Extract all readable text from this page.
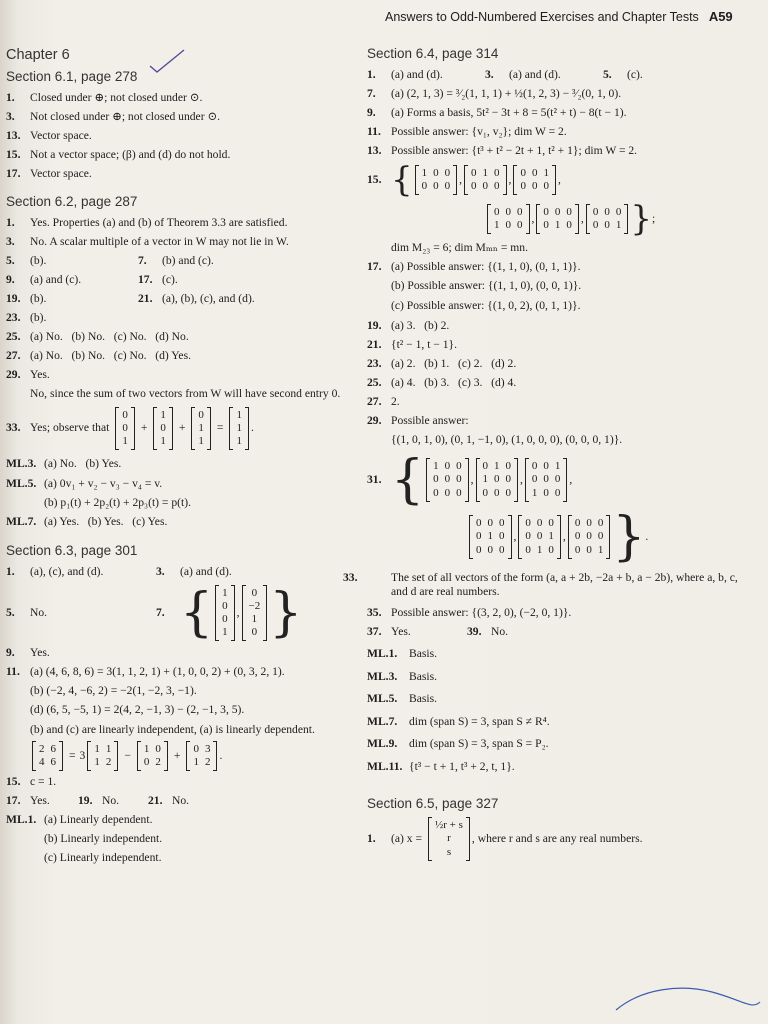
Answers to Odd-Numbered Exercises and Chapter Tests A59
Chapter 6
Section 6.1, page 278
1. Closed under ⊕; not closed under ⊙.
3. Not closed under ⊕; not closed under ⊙.
13. Vector space.
15. Not a vector space; (β) and (d) do not hold.
17. Vector space.
Section 6.2, page 287
1. Yes. Properties (a) and (b) of Theorem 3.3 are satisfied.
3. No. A scalar multiple of a vector in W may not lie in W.
5. (b).	7. (b) and (c).
9. (a) and (c).	17. (c).
19. (b).	21. (a), (b), (c), and (d).
23. (b).
25. (a) No.   (b) No.   (c) No.   (d) No.
27. (a) No.   (b) No.   (c) No.   (d) Yes.
29. Yes.
No, since the sum of two vectors from W will have second entry 0.
33. Yes; observe that
0
0
1
+
1
0
1
+
0
1
1
=
1
1
1
.
ML.3. (a) No.   (b) Yes.
ML.5. (a) 0v₁ + v₂ − v₃ − v₄ = v.
(b) p₁(t) + 2p₂(t) + 2p₃(t) = p(t).
ML.7. (a) Yes.   (b) Yes.   (c) Yes.
Section 6.3, page 301
1. (a), (c), and (d).	3. (a) and (d).
5. No.	7. { 1
0
0
1
,
0
−2
1
0 }
9. Yes.
11. (a) (4, 6, 8, 6) = 3(1, 1, 2, 1) + (1, 0, 0, 2) + (0, 3, 2, 1).
(b) (−2, 4, −6, 2) = −2(1, −2, 3, −1).
(d) (6, 5, −5, 1) = 2(4, 2, −1, 3) − (2, −1, 3, 5).
(b) and (c) are linearly independent, (a) is linearly dependent.
2	6
4	6
= 3 1	1
1	2
− 1	0
0	2
+ 0	3
1	2
.
15. c = 1.
17. Yes.	19. No.	21. No.
ML.1. (a) Linearly dependent.
(b) Linearly independent.
(c) Linearly independent.
Section 6.4, page 314
1. (a) and (d).	3. (a) and (d).	5. (c).
7. (a) (2, 1, 3) = ³⁄₂(1, 1, 1) + ½(1, 2, 3) − ³⁄₂(0, 1, 0).
9. (a) Forms a basis, 5t² − 3t + 8 = 5(t² + t) − 8(t − 1).
11. Possible answer: {v₁, v₂}; dim W = 2.
13. Possible answer: {t³ + t² − 2t + 1, t² + 1}; dim W = 2.
15. { 1	0	0
0	0	0
, 0	1	0
0	0	0
, 0	0	1
0	0	0
,
0	0	0
1	0	0
, 0	0	0
0	1	0
, 0	0	0
0	0	1 } ;
dim M₂₃ = 6; dim Mₘₙ = mn.
17. (a) Possible answer: {(1, 1, 0), (0, 1, 1)}.
(b) Possible answer: {(1, 1, 0), (0, 0, 1)}.
(c) Possible answer: {(1, 0, 2), (0, 1, 1)}.
19. (a) 3.   (b) 2.
21. {t² − 1, t − 1}.
23. (a) 2.   (b) 1.   (c) 2.   (d) 2.
25. (a) 4.   (b) 3.   (c) 3.   (d) 4.
27. 2.
29. Possible answer:
{(1, 0, 1, 0), (0, 1, −1, 0), (1, 0, 0, 0), (0, 0, 0, 1)}.
31. { 1	0	0
0	0	0
0	0	0
,
0	1	0
1	0	0
0	0	0
,
0	0	1
0	0	0
1	0	0
,
0	0	0
0	1	0
0	0	0
,
0	0	0
0	0	1
0	1	0
,
0	0	0
0	0	0
0	0	1 } .
33.	The set of all vectors of the form (a, a + 2b, −2a + b, a − 2b), where a, b, c, and d are real numbers.
35. Possible answer: {(3, 2, 0), (−2, 0, 1)}.
37. Yes.	39. No.
ML.1. Basis.
ML.3. Basis.
ML.5. Basis.
ML.7. dim (span S) = 3, span S ≠ R⁴.
ML.9. dim (span S) = 3, span S = P₂.
ML.11. {t³ − t + 1, t³ + 2, t, 1}.
Section 6.5, page 327
1.	(a) x =
½r + s
r
s
, where r and s are any real numbers.
